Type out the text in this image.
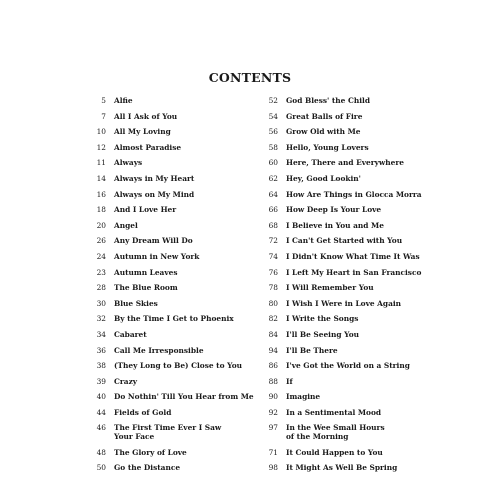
CONTENTS
5 Alfie
7 All I Ask of You
10 All My Loving
12 Almost Paradise
11 Always
14 Always in My Heart
16 Always on My Mind
18 And I Love Her
20 Angel
26 Any Dream Will Do
24 Autumn in New York
23 Autumn Leaves
28 The Blue Room
30 Blue Skies
32 By the Time I Get to Phoenix
34 Cabaret
36 Call Me Irresponsible
38 (They Long to Be) Close to You
39 Crazy
40 Do Nothin' Till You Hear from Me
44 Fields of Gold
46 The First Time Ever I Saw
Your Face
48 The Glory of Love
50 Go the Distance
52 God Bless' the Child
54 Great Balls of Fire
56 Grow Old with Me
58 Hello, Young Lovers
60 Here, There and Everywhere
62 Hey, Good Lookin'
64 How Are Things in Glocca Morra
66 How Deep Is Your Love
68 I Believe in You and Me
72 I Can't Get Started with You
74 I Didn't Know What Time It Was
76 I Left My Heart in San Francisco
78 I Will Remember You
80 I Wish I Were in Love Again
82 I Write the Songs
84 I'll Be Seeing You
94 I'll Be There
86 I've Got the World on a String
88 If
90 Imagine
92 In a Sentimental Mood
97 In the Wee Small Hours
of the Morning
71 It Could Happen to You
98 It Might As Well Be Spring
